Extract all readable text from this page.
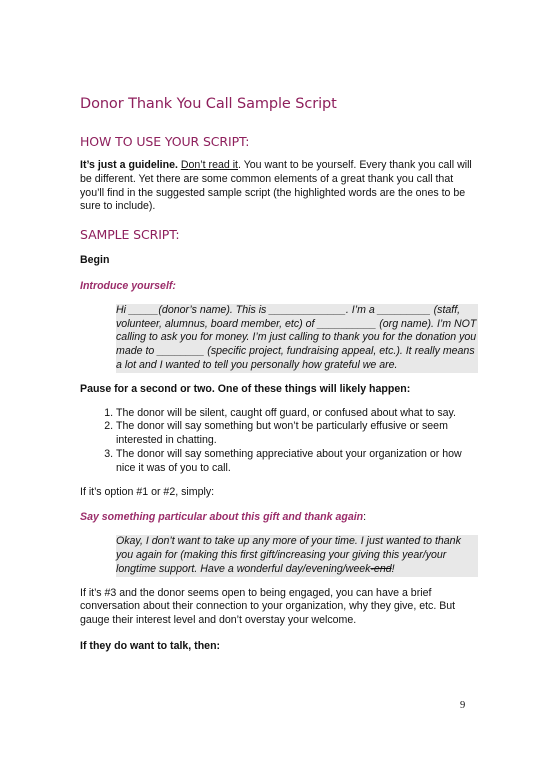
Donor Thank You Call Sample Script
HOW TO USE YOUR SCRIPT:

It’s just a guideline. Don’t read it. You want to be yourself. Every thank you call will be different. Yet there are some common elements of a great thank you call that you’ll find in the suggested sample script (the highlighted words are the ones to be sure to include).

SAMPLE SCRIPT:

Begin

Introduce yourself:

Hi _____(donor’s name). This is _____________. I’m a _________ (staff, volunteer, alumnus, board member, etc) of __________ (org name). I’m NOT calling to ask you for money. I’m just calling to thank you for the donation you made to ________ (specific project, fundraising appeal, etc.). It really means a lot and I wanted to tell you personally how grateful we are.

Pause for a second or two. One of these things will likely happen:

1. The donor will be silent, caught off guard, or confused about what to say.
2. The donor will say something but won’t be particularly effusive or seem interested in chatting.
3. The donor will say something appreciative about your organization or how nice it was of you to call.

If it’s option #1 or #2, simply:

Say something particular about this gift and thank again:

Okay, I don’t want to take up any more of your time. I just wanted to thank you again for (making this first gift/increasing your giving this year/your longtime support. Have a wonderful day/evening/week-end!

If it’s #3 and the donor seems open to being engaged, you can have a brief conversation about their connection to your organization, why they give, etc. But gauge their interest level and don’t overstay your welcome.

If they do want to talk, then:

9
